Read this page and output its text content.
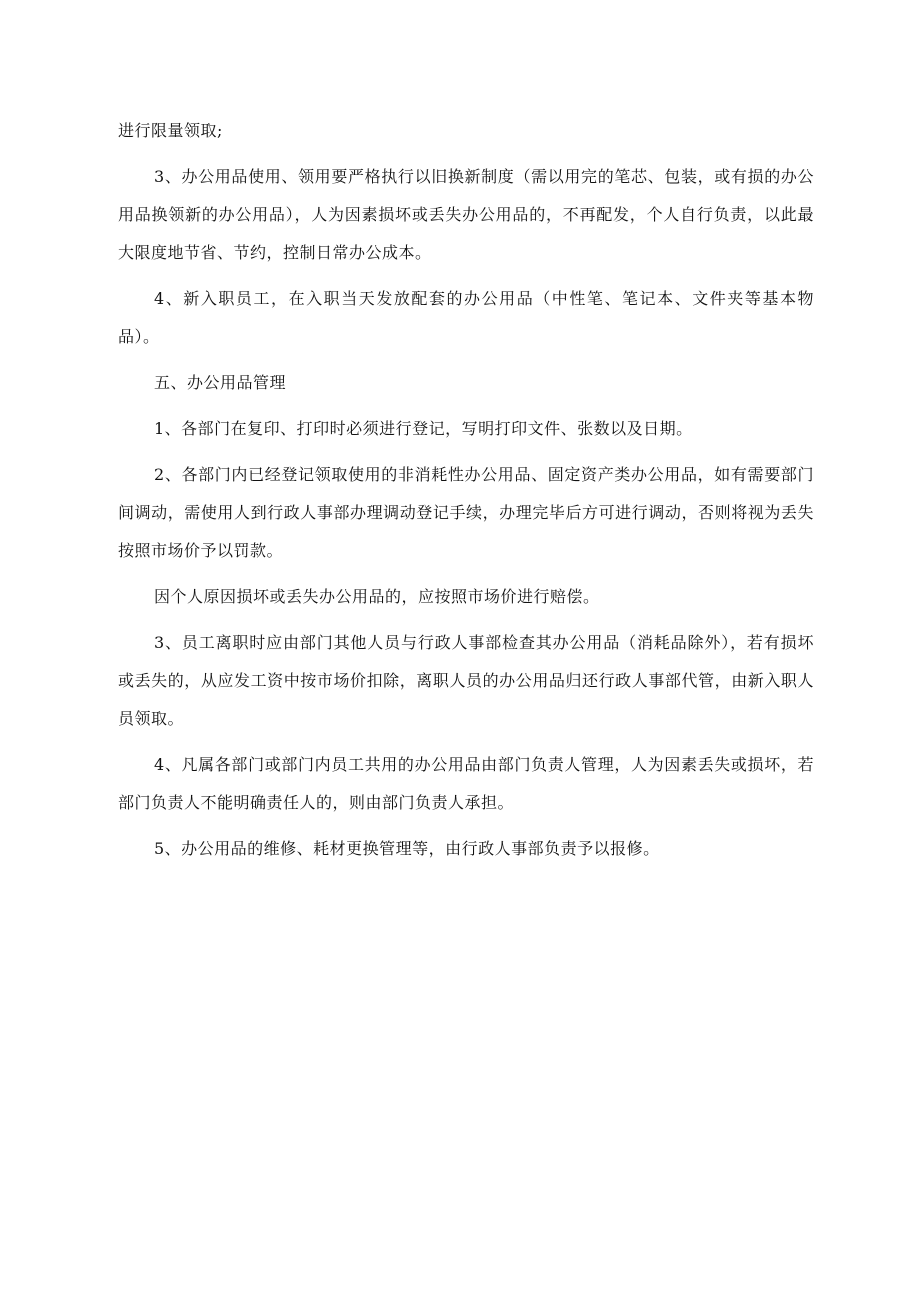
进行限量领取;

3、办公用品使用、领用要严格执行以旧换新制度（需以用完的笔芯、包装，或有损的办公用品换领新的办公用品），人为因素损坏或丢失办公用品的，不再配发，个人自行负责，以此最大限度地节省、节约，控制日常办公成本。

4、新入职员工，在入职当天发放配套的办公用品（中性笔、笔记本、文件夹等基本物品）。

五、办公用品管理

1、各部门在复印、打印时必须进行登记，写明打印文件、张数以及日期。

2、各部门内已经登记领取使用的非消耗性办公用品、固定资产类办公用品，如有需要部门间调动，需使用人到行政人事部办理调动登记手续，办理完毕后方可进行调动，否则将视为丢失按照市场价予以罚款。

因个人原因损坏或丢失办公用品的，应按照市场价进行赔偿。

3、员工离职时应由部门其他人员与行政人事部检查其办公用品（消耗品除外），若有损坏或丢失的，从应发工资中按市场价扣除，离职人员的办公用品归还行政人事部代管，由新入职人员领取。

4、凡属各部门或部门内员工共用的办公用品由部门负责人管理，人为因素丢失或损坏，若部门负责人不能明确责任人的，则由部门负责人承担。

5、办公用品的维修、耗材更换管理等，由行政人事部负责予以报修。
